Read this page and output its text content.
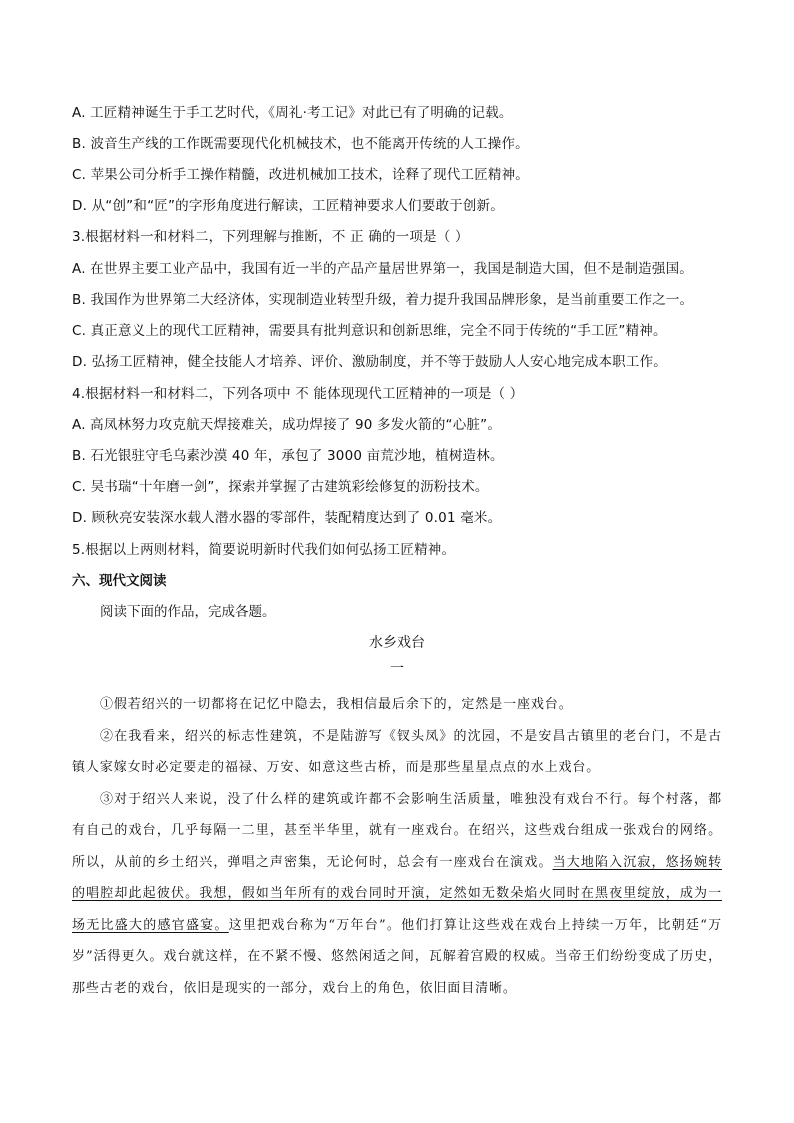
A. 工匠精神诞生于手工艺时代，《周礼·考工记》对此已有了明确的记载。
B. 波音生产线的工作既需要现代化机械技术，也不能离开传统的人工操作。
C. 苹果公司分析手工操作精髓，改进机械加工技术，诠释了现代工匠精神。
D. 从“创”和“匠”的字形角度进行解读，工匠精神要求人们要敢于创新。
3.根据材料一和材料二，下列理解与推断，不 正 确的一项是（ ）
A. 在世界主要工业产品中，我国有近一半的产品产量居世界第一，我国是制造大国，但不是制造强国。
B. 我国作为世界第二大经济体，实现制造业转型升级，着力提升我国品牌形象，是当前重要工作之一。
C. 真正意义上的现代工匠精神，需要具有批判意识和创新思维，完全不同于传统的“手工匠”精神。
D. 弘扬工匠精神，健全技能人才培养、评价、激励制度，并不等于鼓励人人安心地完成本职工作。
4.根据材料一和材料二，下列各项中 不 能体现现代工匠精神的一项是（ ）
A. 高凤林努力攻克航天焊接难关，成功焊接了 90 多发火箭的“心脏”。
B. 石光银驻守毛乌素沙漠 40 年，承包了 3000 亩荒沙地，植树造林。
C. 吴书瑞“十年磨一剑”，探索并掌握了古建筑彩绘修复的沥粉技术。
D. 顾秋亮安装深水载人潜水器的零部件，装配精度达到了 0.01 毫米。
5.根据以上两则材料，简要说明新时代我们如何弘扬工匠精神。
六、现代文阅读
阅读下面的作品，完成各题。
水乡戏台
一

①假若绍兴的一切都将在记忆中隐去，我相信最后余下的，定然是一座戏台。

②在我看来，绍兴的标志性建筑，不是陆游写《钗头凤》的沈园，不是安昌古镇里的老台门，不是古镇人家嫁女时必定要走的福禄、万安、如意这些古桥，而是那些星星点点的水上戏台。

③对于绍兴人来说，没了什么样的建筑或许都不会影响生活质量，唯独没有戏台不行。每个村落，都有自己的戏台，几乎每隔一二里，甚至半华里，就有一座戏台。在绍兴，这些戏台组成一张戏台的网络。所以，从前的乡土绍兴，弹唱之声密集，无论何时，总会有一座戏台在演戏。当大地陷入沉寂，悠扬婉转的唱腔却此起彼伏。我想，假如当年所有的戏台同时开演，定然如无数朵焰火同时在黑夜里绽放，成为一场无比盛大的感官盛宴。这里把戏台称为“万年台”。他们打算让这些戏在戏台上持续一万年，比朝廷“万岁”活得更久。戏台就这样，在不紧不慢、悠然闲适之间，瓦解着宫殿的权威。当帝王们纷纷变成了历史，那些古老的戏台，依旧是现实的一部分，戏台上的角色，依旧面目清晰。
